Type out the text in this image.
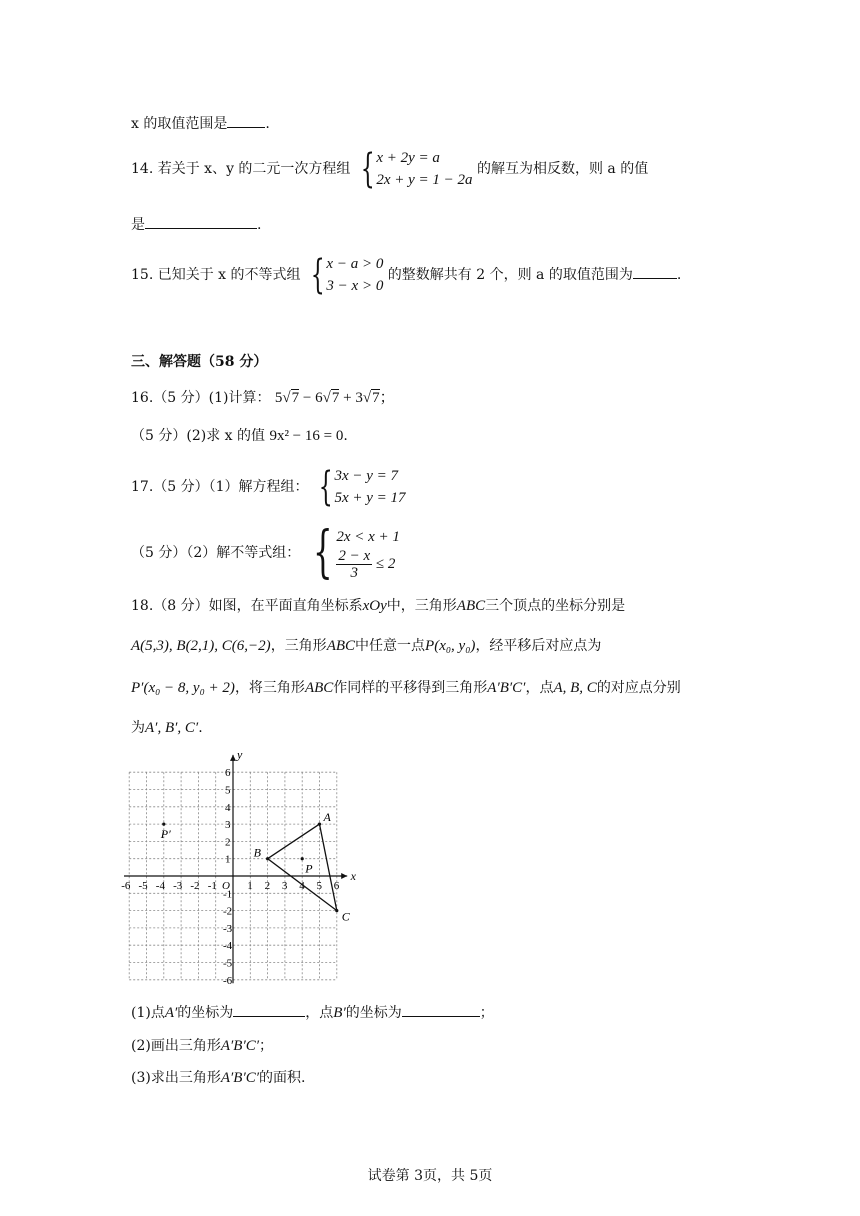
x 的取值范围是	.
14. 若关于 x、y 的二元一次方程组 { x + 2y = a
2x + y = 1 − 2a
的解互为相反数，则 a 的值
是	.
15. 已知关于 x 的不等式组 { x − a > 0
3 − x > 0
的整数解共有 2 个，则 a 的取值范围为	.
三、解答题（58 分）
16.（5 分）(1)计算： 5√7 − 6√7 + 3√7；
（5 分）(2)求 x 的值 9x² − 16 = 0.
17.（5 分）（1）解方程组： { 3x − y = 7
5x + y = 17
（5 分）（2）解不等式组： { 2x < x + 1
$\frac{2 - x}{3} \le 2$
18.（8 分）如图，在平面直角坐标系xOy中，三角形ABC三个顶点的坐标分别是
A(5,3), B(2,1), C(6,−2)，三角形ABC中任意一点P(x₀, y₀)，经平移后对应点为
P′(x₀ − 8, y₀ + 2)，将三角形ABC作同样的平移得到三角形A′B′C′，点A, B, C的对应点分别
为A′, B′, C′.
x
y
O
-6 -5 -4 -3 -2 -1	1 2 3 4 5 6
6
5
4
3
2
1
-1
-2
-3
-4
-5
-6
A
B
C
P
P′
(1)点A′的坐标为	，点B′的坐标为	；
(2)画出三角形A′B′C′；
(3)求出三角形A′B′C′的面积.
试卷第 3页，共 5页
